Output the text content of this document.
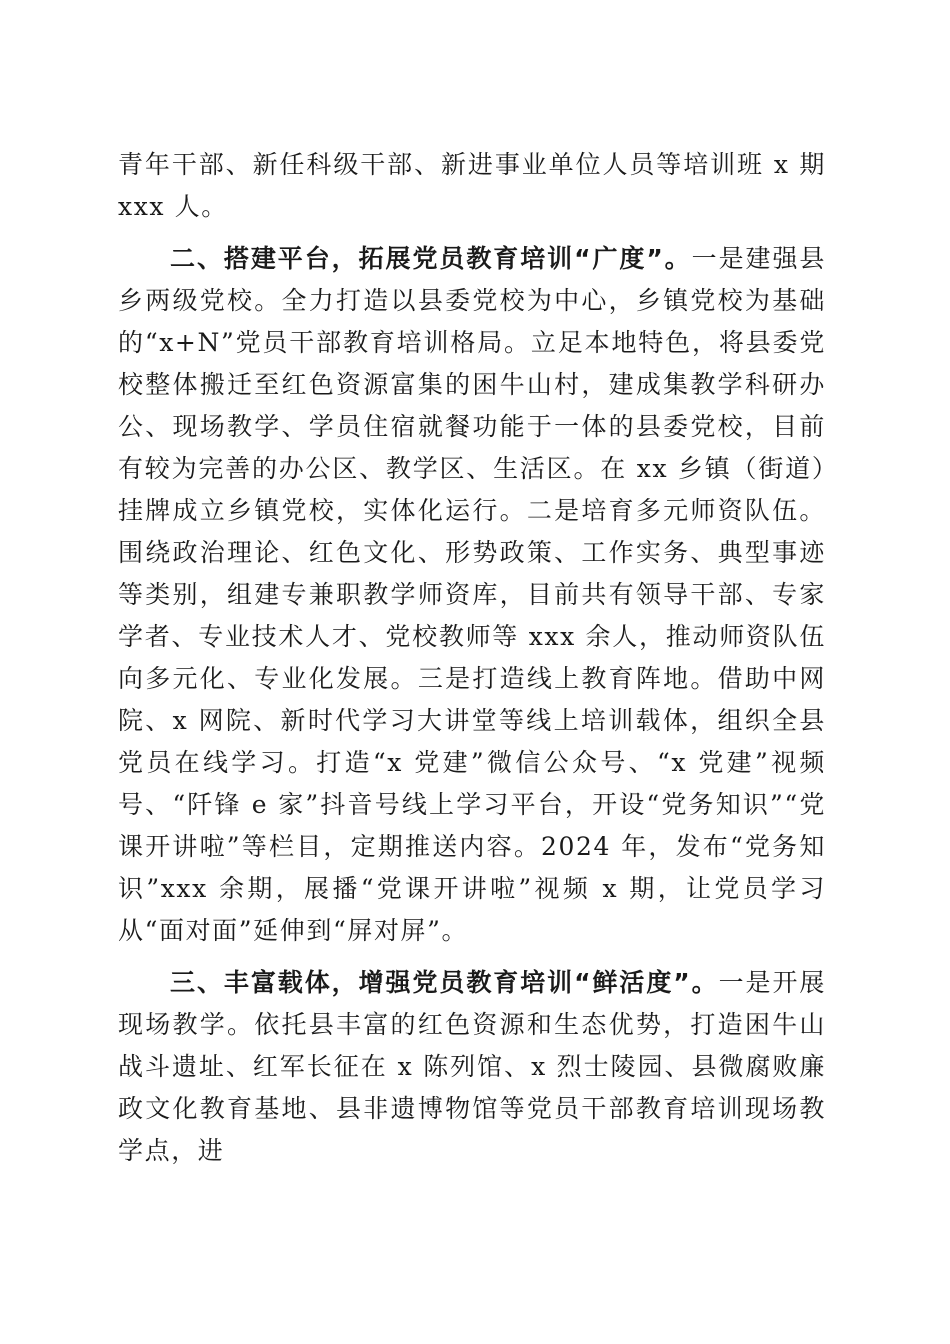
青年干部、新任科级干部、新进事业单位人员等培训班 x 期 xxx 人。

二、搭建平台，拓展党员教育培训“广度”。一是建强县乡两级党校。全力打造以县委党校为中心，乡镇党校为基础的“x+N”党员干部教育培训格局。立足本地特色，将县委党校整体搬迁至红色资源富集的困牛山村，建成集教学科研办公、现场教学、学员住宿就餐功能于一体的县委党校，目前有较为完善的办公区、教学区、生活区。在 xx 乡镇（街道）挂牌成立乡镇党校，实体化运行。二是培育多元师资队伍。围绕政治理论、红色文化、形势政策、工作实务、典型事迹等类别，组建专兼职教学师资库，目前共有领导干部、专家学者、专业技术人才、党校教师等 xxx 余人，推动师资队伍向多元化、专业化发展。三是打造线上教育阵地。借助中网院、x 网院、新时代学习大讲堂等线上培训载体，组织全县党员在线学习。打造“x 党建”微信公众号、“x 党建”视频号、“阡锋 e 家”抖音号线上学习平台，开设“党务知识”“党课开讲啦”等栏目，定期推送内容。2024 年，发布“党务知识”xxx 余期，展播“党课开讲啦”视频 x 期，让党员学习从“面对面”延伸到“屏对屏”。

三、丰富载体，增强党员教育培训“鲜活度”。一是开展现场教学。依托县丰富的红色资源和生态优势，打造困牛山战斗遗址、红军长征在 x 陈列馆、x 烈士陵园、县微腐败廉政文化教育基地、县非遗博物馆等党员干部教育培训现场教学点，进
